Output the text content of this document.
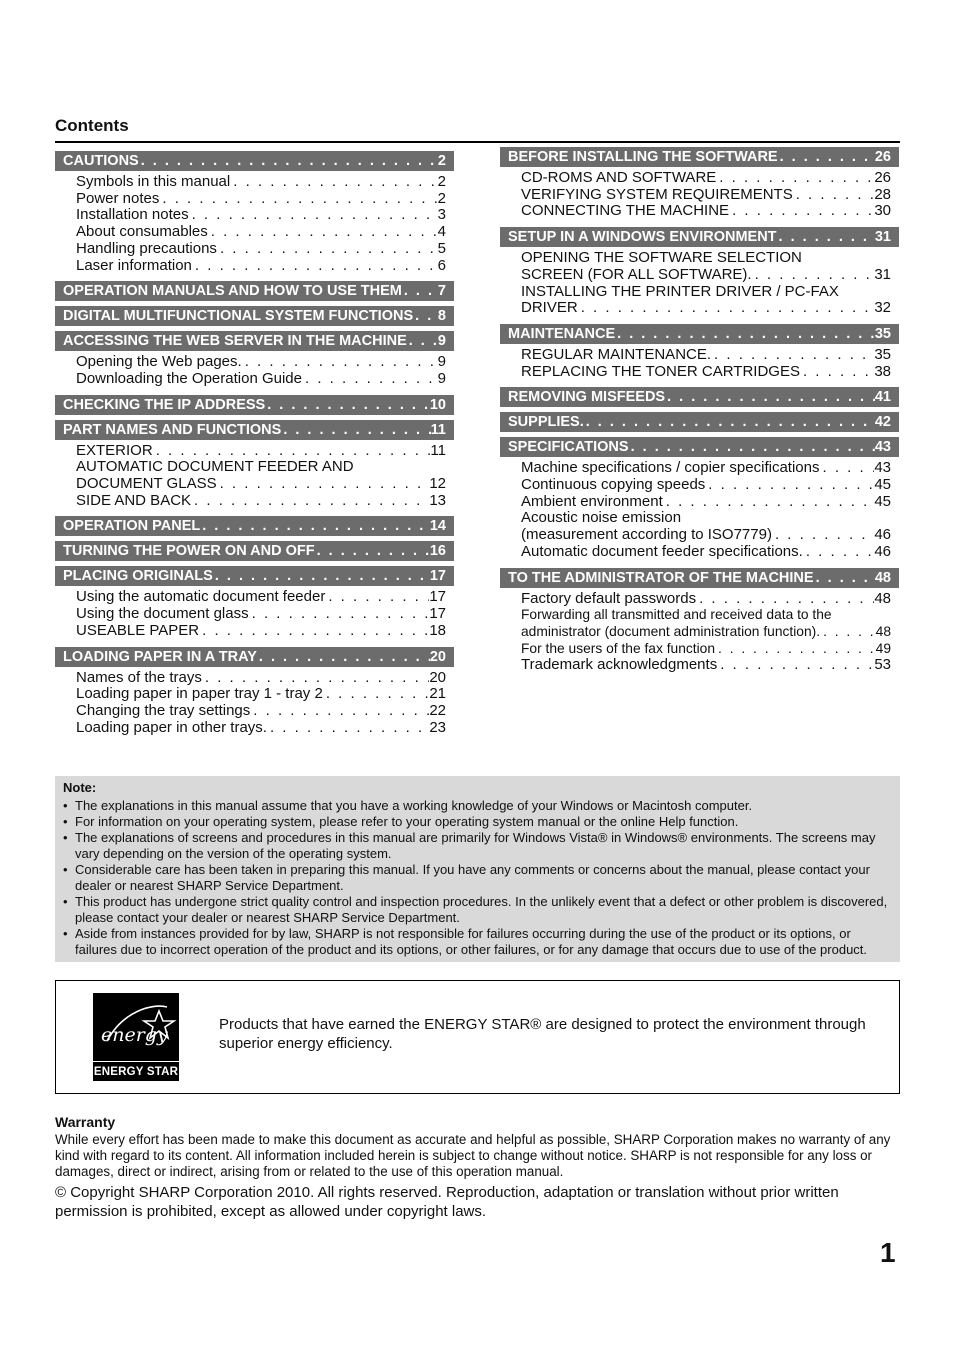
Contents
CAUTIONS . . .	2
Symbols in this manual . . .	2
Power notes . . .	2
Installation notes . . .	3
About consumables . . .	4
Handling precautions . . .	5
Laser information . . .	6
OPERATION MANUALS AND HOW TO USE THEM . . . 7
DIGITAL MULTIFUNCTIONAL SYSTEM FUNCTIONS . . . 8
ACCESSING THE WEB SERVER IN THE MACHINE . . . 9
Opening the Web pages. . . .	9
Downloading the Operation Guide . . .	9
CHECKING THE IP ADDRESS . . .	10
PART NAMES AND FUNCTIONS . . .	11
EXTERIOR . . .	11
AUTOMATIC DOCUMENT FEEDER AND
DOCUMENT GLASS . . .	12
SIDE AND BACK . . .	13
OPERATION PANEL . . .	14
TURNING THE POWER ON AND OFF . . .	16
PLACING ORIGINALS . . .	17
Using the automatic document feeder . . .	17
Using the document glass . . .	17
USEABLE PAPER . . .	18
LOADING PAPER IN A TRAY . . .	20
Names of the trays . . .	20
Loading paper in paper tray 1 - tray 2 . . .	21
Changing the tray settings . . .	22
Loading paper in other trays. . . .	23
BEFORE INSTALLING THE SOFTWARE . . .	26
CD-ROMS AND SOFTWARE . . .	26
VERIFYING SYSTEM REQUIREMENTS . . .	28
CONNECTING THE MACHINE . . .	30
SETUP IN A WINDOWS ENVIRONMENT . . .	31
OPENING THE SOFTWARE SELECTION
SCREEN (FOR ALL SOFTWARE). . . .	31
INSTALLING THE PRINTER DRIVER / PC-FAX
DRIVER . . .	32
MAINTENANCE . . .	35
REGULAR MAINTENANCE. . . .	35
REPLACING THE TONER CARTRIDGES . . .	38
REMOVING MISFEEDS . . .	41
SUPPLIES. . . .	42
SPECIFICATIONS . . .	43
Machine specifications / copier specifications . . .	43
Continuous copying speeds . . .	45
Ambient environment . . .	45
Acoustic noise emission
(measurement according to ISO7779) . . .	46
Automatic document feeder specifications. . . .	46
TO THE ADMINISTRATOR OF THE MACHINE . . .	48
Factory default passwords . . .	48
Forwarding all transmitted and received data to the
administrator (document administration function). . . .	48
For the users of the fax function . . .	49
Trademark acknowledgments . . .	53
Note:
• The explanations in this manual assume that you have a working knowledge of your Windows or Macintosh computer.
• For information on your operating system, please refer to your operating system manual or the online Help function.
• The explanations of screens and procedures in this manual are primarily for Windows Vista® in Windows® environments. The screens may vary depending on the version of the operating system.
• Considerable care has been taken in preparing this manual. If you have any comments or concerns about the manual, please contact your dealer or nearest SHARP Service Department.
• This product has undergone strict quality control and inspection procedures. In the unlikely event that a defect or other problem is discovered, please contact your dealer or nearest SHARP Service Department.
• Aside from instances provided for by law, SHARP is not responsible for failures occurring during the use of the product or its options, or failures due to incorrect operation of the product and its options, or other failures, or for any damage that occurs due to use of the product.
energy
ENERGY STAR
Products that have earned the ENERGY STAR® are designed to protect the environment through superior energy efficiency.
Warranty
While every effort has been made to make this document as accurate and helpful as possible, SHARP Corporation makes no warranty of any kind with regard to its content. All information included herein is subject to change without notice. SHARP is not responsible for any loss or damages, direct or indirect, arising from or related to the use of this operation manual.
© Copyright SHARP Corporation 2010. All rights reserved. Reproduction, adaptation or translation without prior written permission is prohibited, except as allowed under copyright laws.
1
